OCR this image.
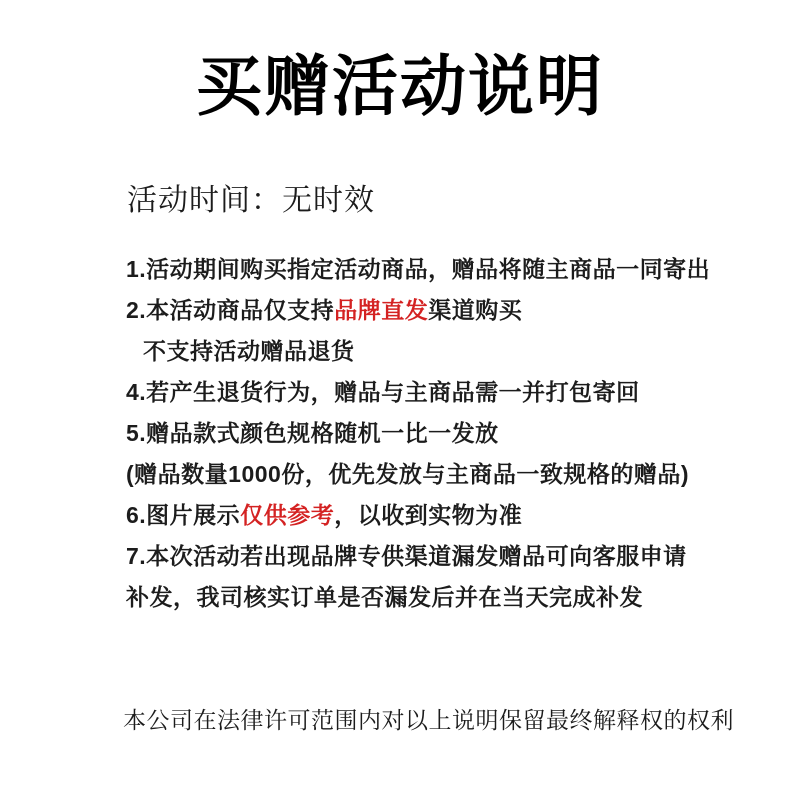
买赠活动说明
活动时间：无时效

1.活动期间购买指定活动商品，赠品将随主商品一同寄出

2.本活动商品仅支持品牌直发渠道购买

不支持活动赠品退货

4.若产生退货行为，赠品与主商品需一并打包寄回

5.赠品款式颜色规格随机一比一发放

(赠品数量1000份，优先发放与主商品一致规格的赠品)

6.图片展示仅供参考，以收到实物为准

7.本次活动若出现品牌专供渠道漏发赠品可向客服申请

补发，我司核实订单是否漏发后并在当天完成补发

本公司在法律许可范围内对以上说明保留最终解释权的权利
